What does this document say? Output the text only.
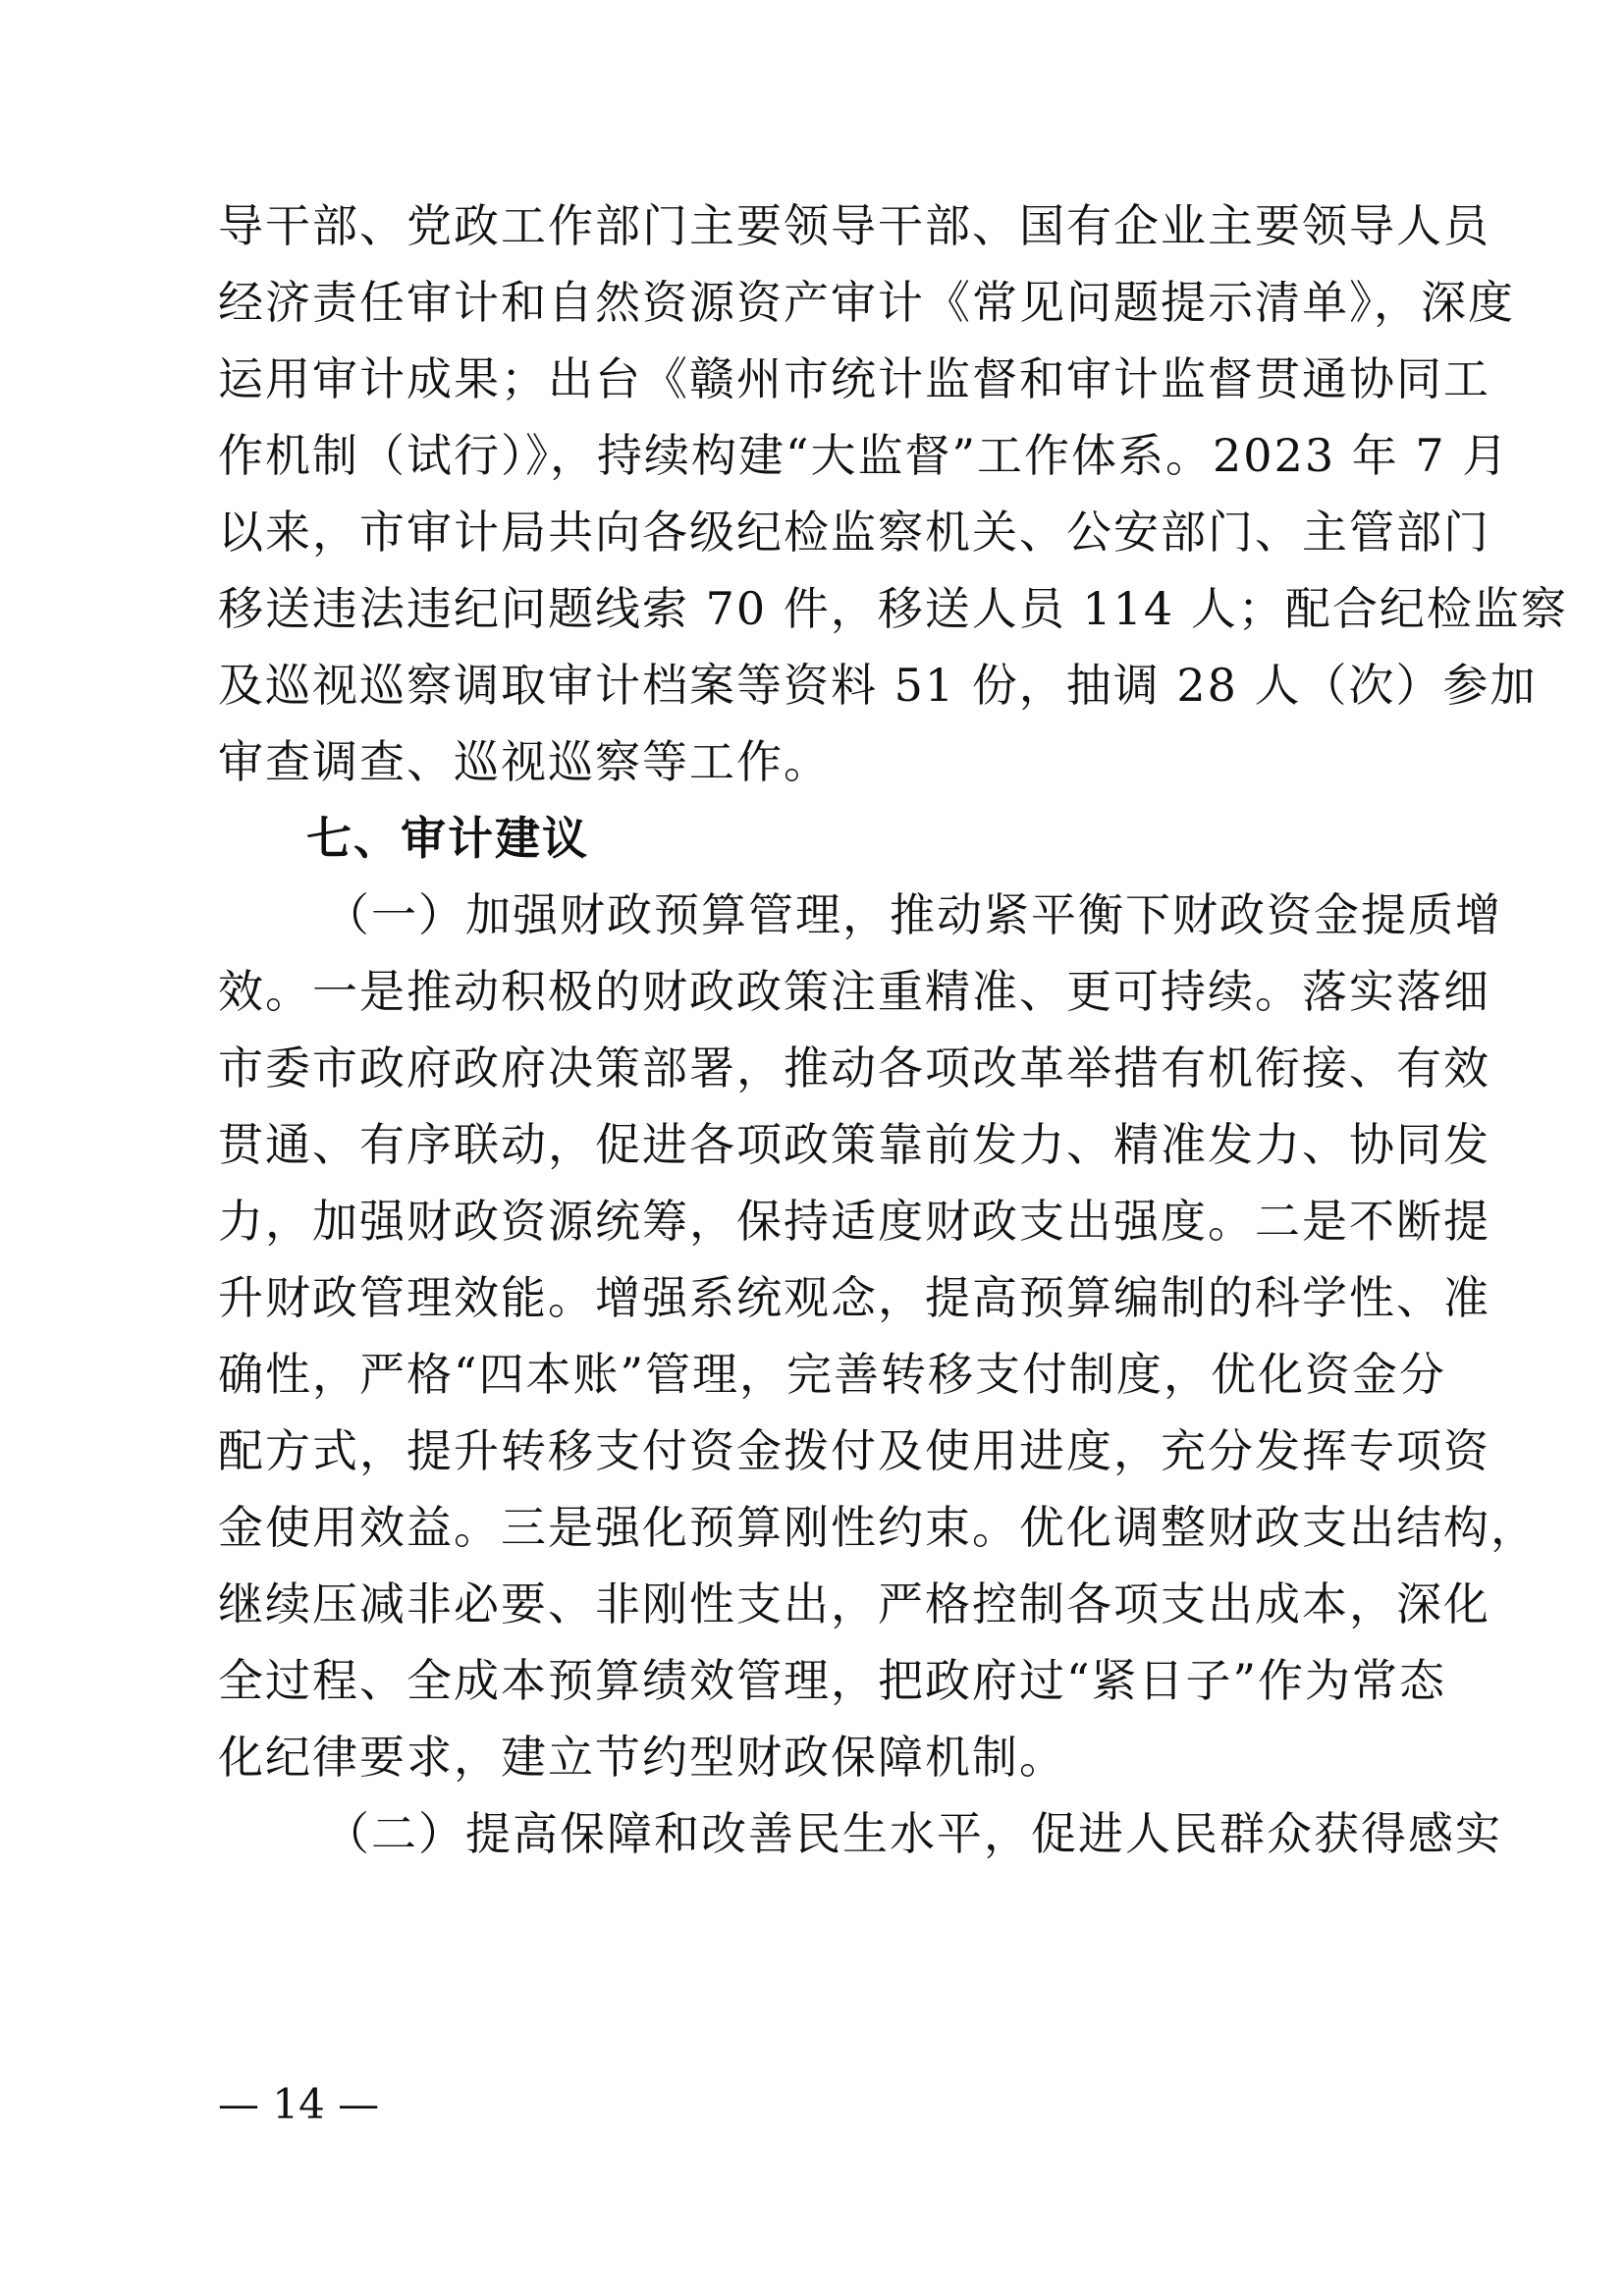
导干部、党政工作部门主要领导干部、国有企业主要领导人员
经济责任审计和自然资源资产审计《常见问题提示清单》，深度
运用审计成果；出台《赣州市统计监督和审计监督贯通协同工
作机制（试行）》，持续构建“大监督”工作体系。2023 年 7 月
以来，市审计局共向各级纪检监察机关、公安部门、主管部门
移送违法违纪问题线索 70 件，移送人员 114 人；配合纪检监察
及巡视巡察调取审计档案等资料 51 份，抽调 28 人（次）参加
审查调查、巡视巡察等工作。
七、审计建议
（一）加强财政预算管理，推动紧平衡下财政资金提质增
效。一是推动积极的财政政策注重精准、更可持续。落实落细
市委市政府政府决策部署，推动各项改革举措有机衔接、有效
贯通、有序联动，促进各项政策靠前发力、精准发力、协同发
力，加强财政资源统筹，保持适度财政支出强度。二是不断提
升财政管理效能。增强系统观念，提高预算编制的科学性、准
确性，严格“四本账”管理，完善转移支付制度，优化资金分
配方式，提升转移支付资金拨付及使用进度，充分发挥专项资
金使用效益。三是强化预算刚性约束。优化调整财政支出结构，
继续压减非必要、非刚性支出，严格控制各项支出成本，深化
全过程、全成本预算绩效管理，把政府过“紧日子”作为常态
化纪律要求，建立节约型财政保障机制。
（二）提高保障和改善民生水平，促进人民群众获得感实
— 14 —
